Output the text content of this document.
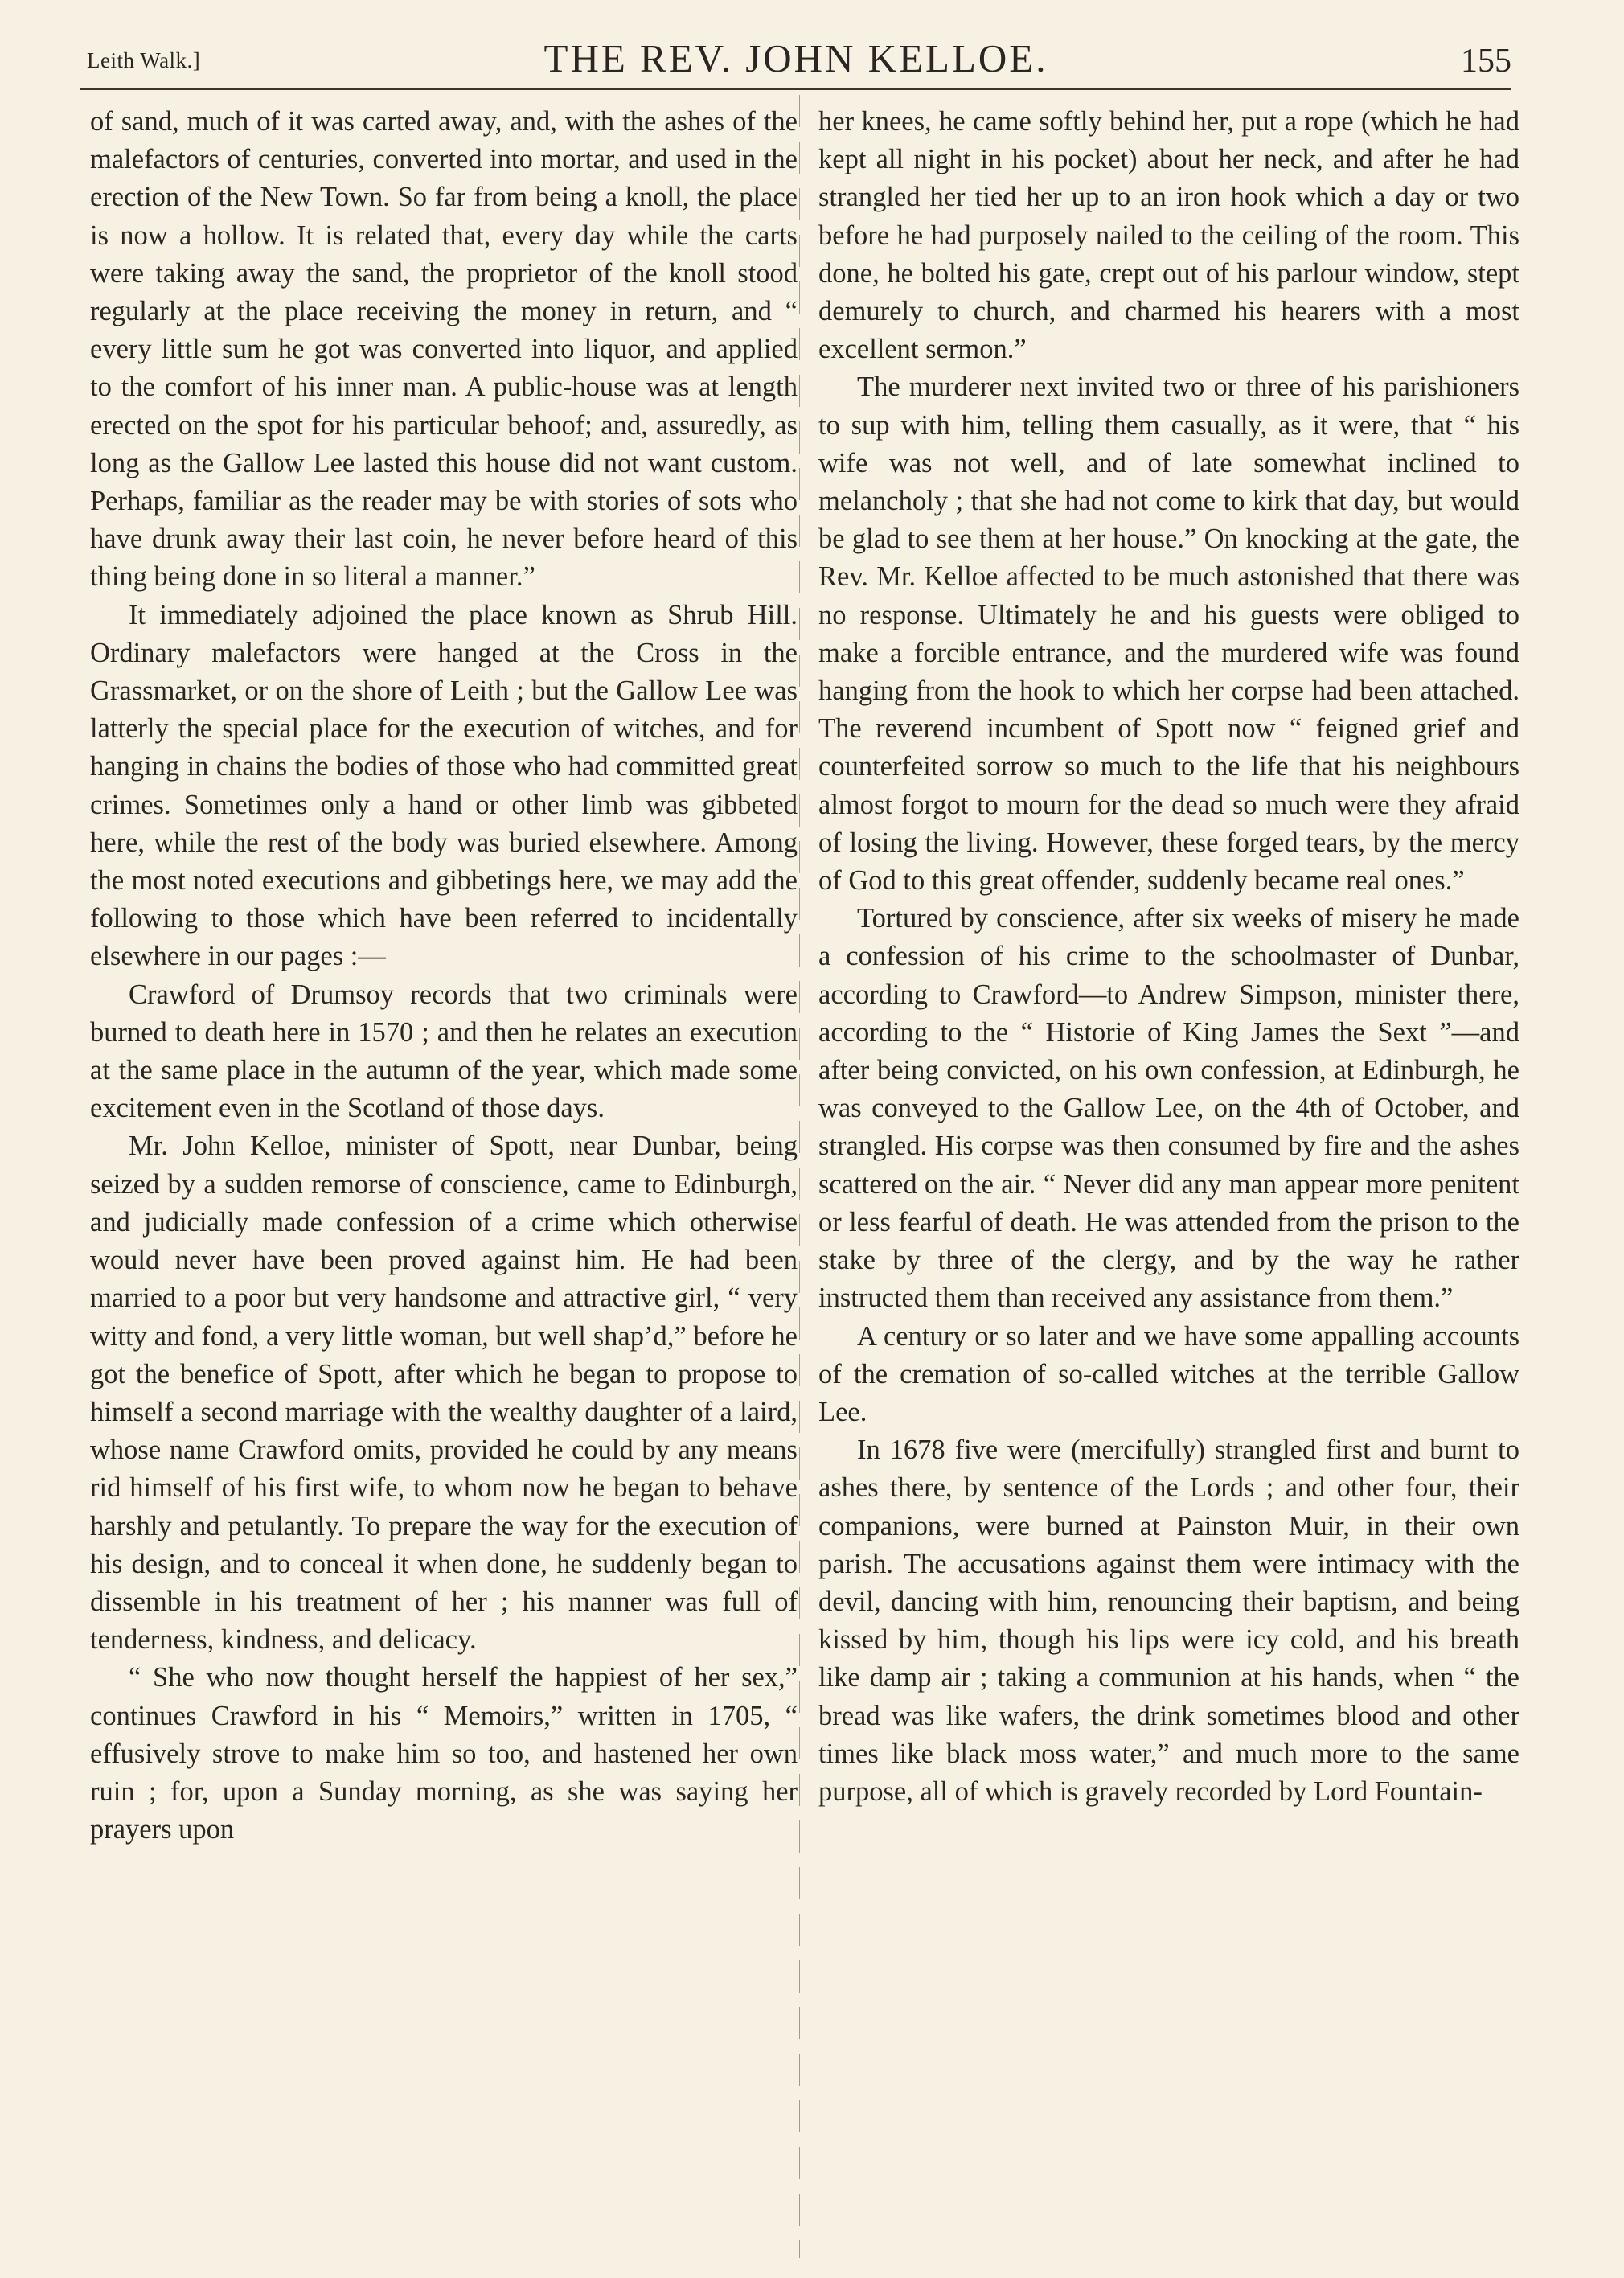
Leith Walk.]	THE REV. JOHN KELLOE.	155

of sand, much of it was carted away, and, with the ashes of the malefactors of centuries, converted into mortar, and used in the erection of the New Town. So far from being a knoll, the place is now a hollow. It is related that, every day while the carts were taking away the sand, the proprietor of the knoll stood regularly at the place receiving the money in return, and “ every little sum he got was converted into liquor, and applied to the comfort of his inner man. A public-house was at length erected on the spot for his particular behoof; and, assuredly, as long as the Gallow Lee lasted this house did not want custom. Perhaps, familiar as the reader may be with stories of sots who have drunk away their last coin, he never before heard of this thing being done in so literal a manner.”

It immediately adjoined the place known as Shrub Hill. Ordinary malefactors were hanged at the Cross in the Grassmarket, or on the shore of Leith ; but the Gallow Lee was latterly the special place for the execution of witches, and for hanging in chains the bodies of those who had committed great crimes. Sometimes only a hand or other limb was gibbeted here, while the rest of the body was buried elsewhere. Among the most noted executions and gibbetings here, we may add the following to those which have been referred to incidentally elsewhere in our pages :—

Crawford of Drumsoy records that two criminals were burned to death here in 1570 ; and then he relates an execution at the same place in the autumn of the year, which made some excitement even in the Scotland of those days.

Mr. John Kelloe, minister of Spott, near Dunbar, being seized by a sudden remorse of conscience, came to Edinburgh, and judicially made confession of a crime which otherwise would never have been proved against him. He had been married to a poor but very handsome and attractive girl, “ very witty and fond, a very little woman, but well shap’d,” before he got the benefice of Spott, after which he began to propose to himself a second marriage with the wealthy daughter of a laird, whose name Crawford omits, provided he could by any means rid himself of his first wife, to whom now he began to behave harshly and petulantly. To prepare the way for the execution of his design, and to conceal it when done, he suddenly began to dissemble in his treatment of her ; his manner was full of tenderness, kindness, and delicacy.

“ She who now thought herself the happiest of her sex,” continues Crawford in his “ Memoirs,” written in 1705, “ effusively strove to make him so too, and hastened her own ruin ; for, upon a Sunday morning, as she was saying her prayers upon

her knees, he came softly behind her, put a rope (which he had kept all night in his pocket) about her neck, and after he had strangled her tied her up to an iron hook which a day or two before he had purposely nailed to the ceiling of the room. This done, he bolted his gate, crept out of his parlour window, stept demurely to church, and charmed his hearers with a most excellent sermon.”

The murderer next invited two or three of his parishioners to sup with him, telling them casually, as it were, that “ his wife was not well, and of late somewhat inclined to melancholy ; that she had not come to kirk that day, but would be glad to see them at her house.” On knocking at the gate, the Rev. Mr. Kelloe affected to be much astonished that there was no response. Ultimately he and his guests were obliged to make a forcible entrance, and the murdered wife was found hanging from the hook to which her corpse had been attached. The reverend incumbent of Spott now “ feigned grief and counterfeited sorrow so much to the life that his neighbours almost forgot to mourn for the dead so much were they afraid of losing the living. However, these forged tears, by the mercy of God to this great offender, suddenly became real ones.”

Tortured by conscience, after six weeks of misery he made a confession of his crime to the schoolmaster of Dunbar, according to Crawford—to Andrew Simpson, minister there, according to the “ Historie of King James the Sext ”—and after being convicted, on his own confession, at Edinburgh, he was conveyed to the Gallow Lee, on the 4th of October, and strangled. His corpse was then consumed by fire and the ashes scattered on the air. “ Never did any man appear more penitent or less fearful of death. He was attended from the prison to the stake by three of the clergy, and by the way he rather instructed them than received any assistance from them.”

A century or so later and we have some appalling accounts of the cremation of so-called witches at the terrible Gallow Lee.

In 1678 five were (mercifully) strangled first and burnt to ashes there, by sentence of the Lords ; and other four, their companions, were burned at Painston Muir, in their own parish. The accusations against them were intimacy with the devil, dancing with him, renouncing their baptism, and being kissed by him, though his lips were icy cold, and his breath like damp air ; taking a communion at his hands, when “ the bread was like wafers, the drink sometimes blood and other times like black moss water,” and much more to the same purpose, all of which is gravely recorded by Lord Fountain-
